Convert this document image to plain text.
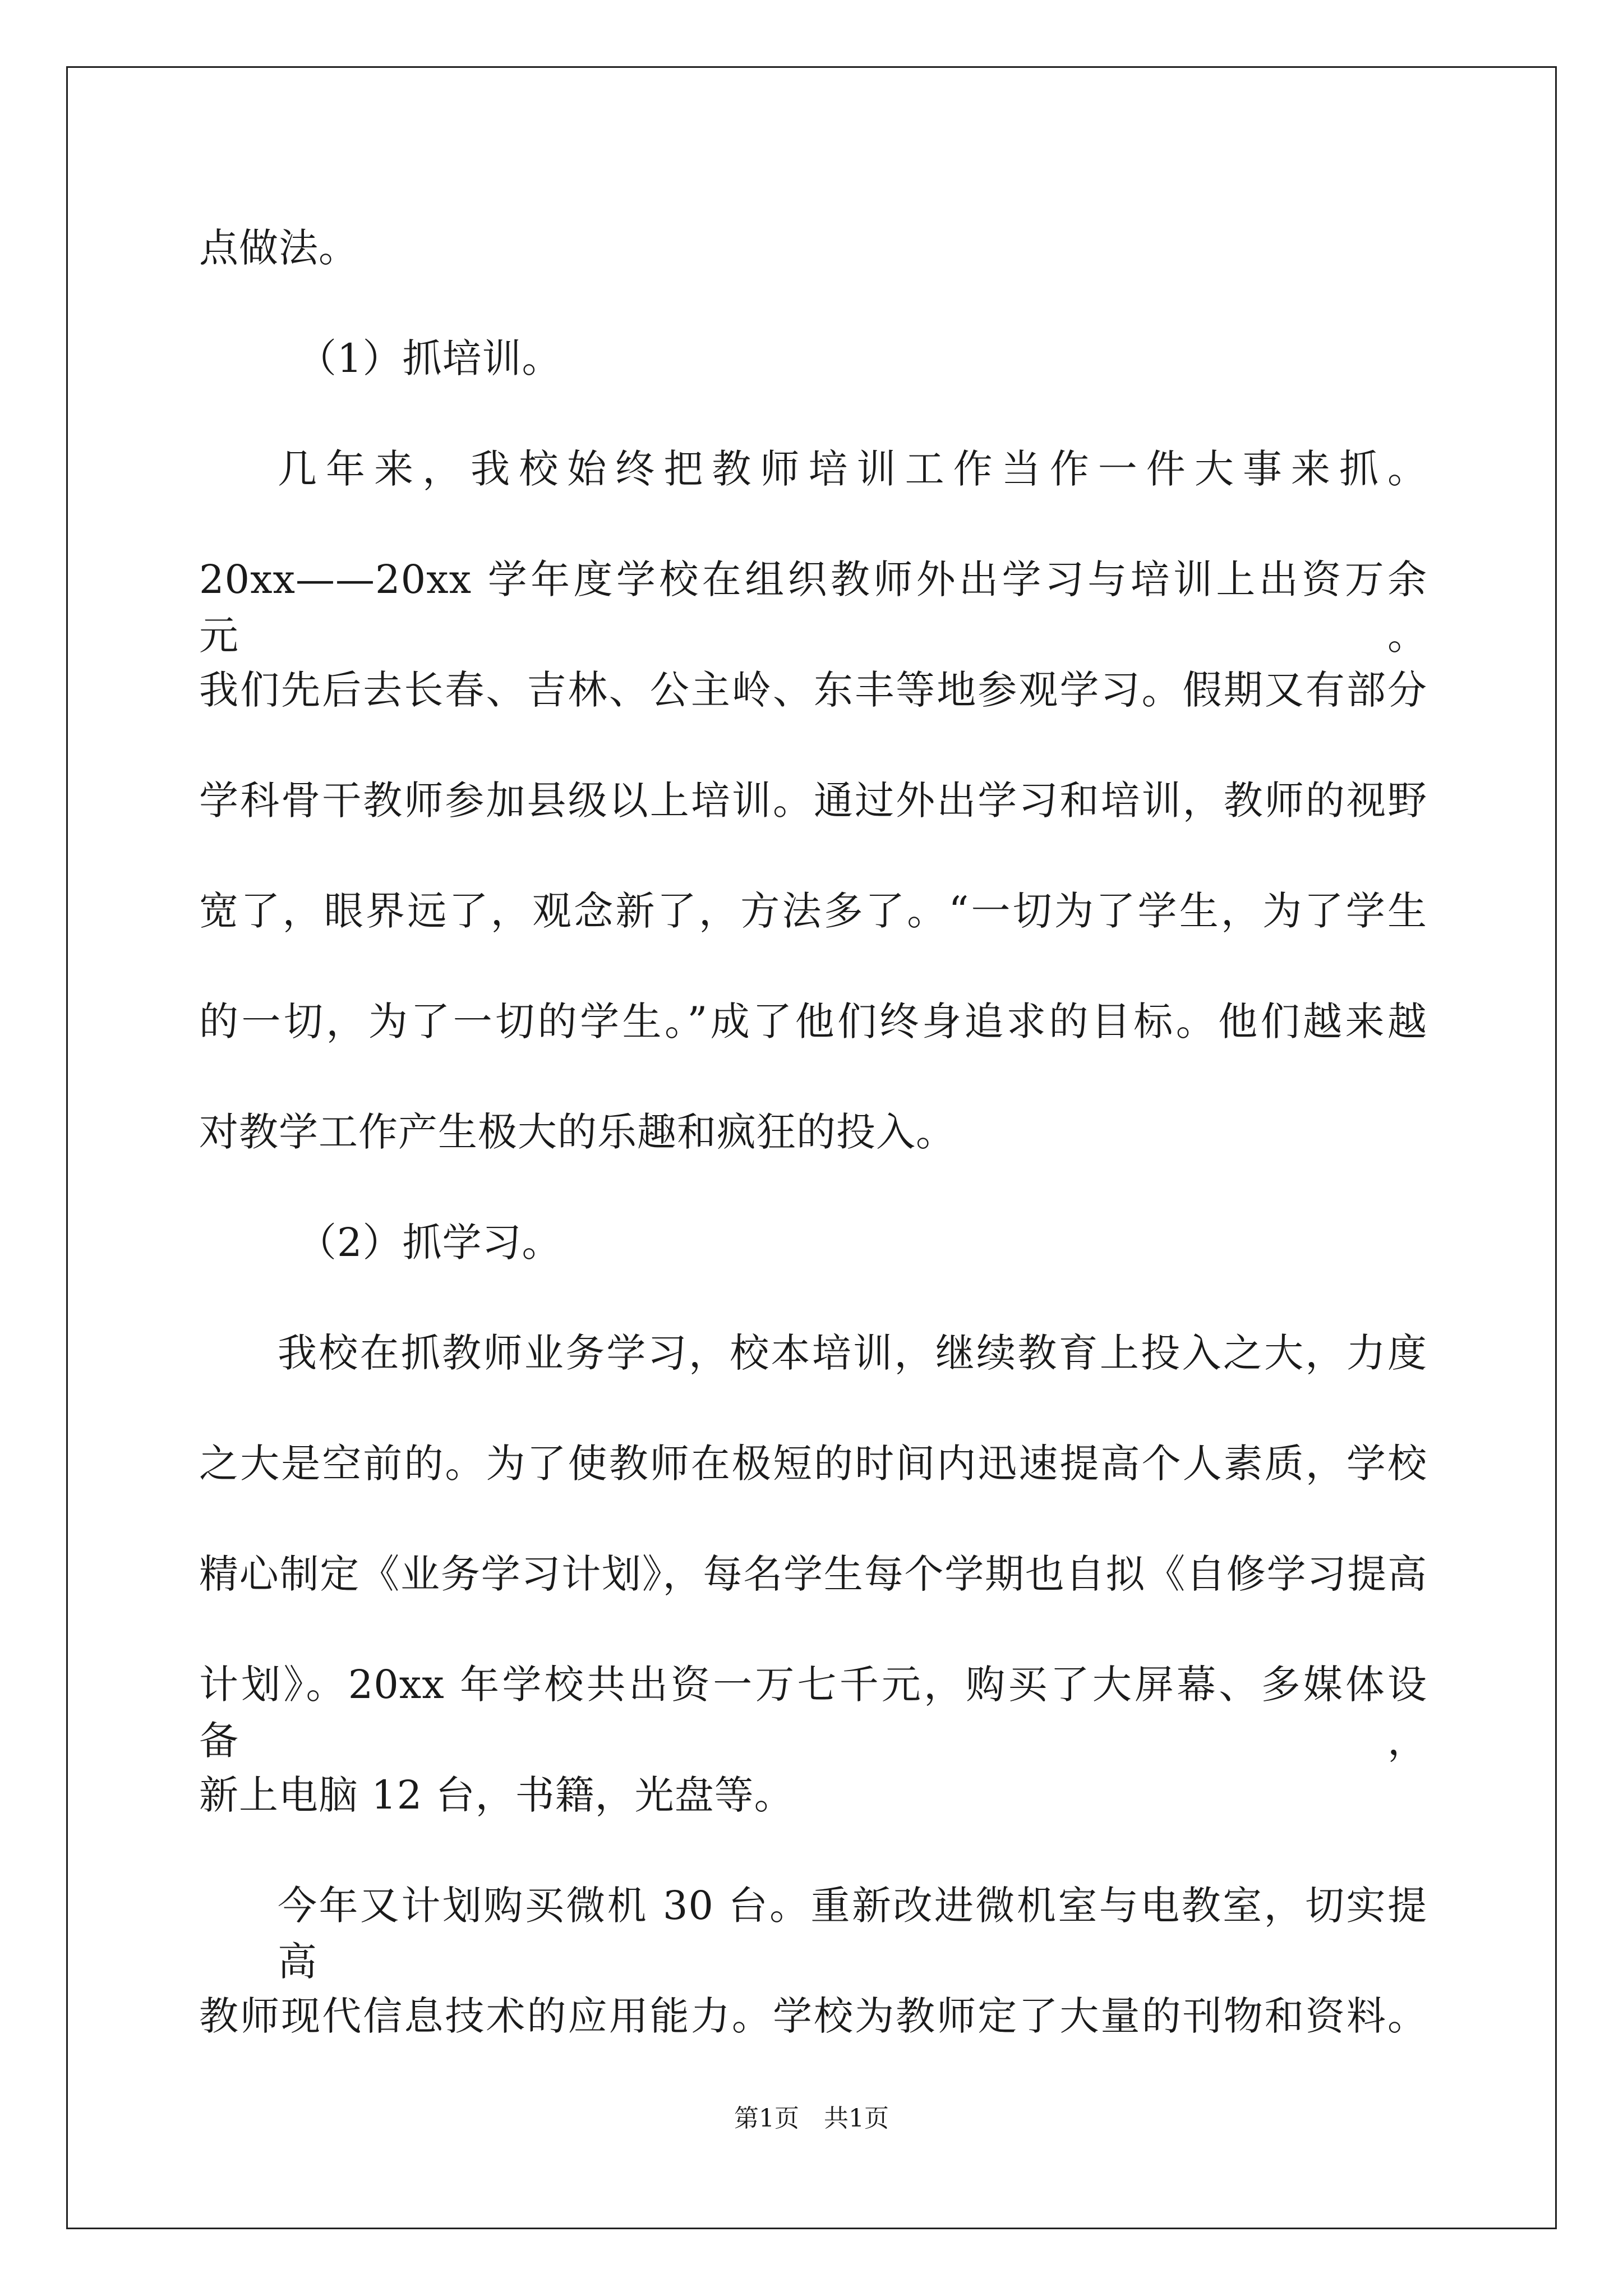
点做法。
（1）抓培训。
几年来，我校始终把教师培训工作当作一件大事来抓。
20xx——20xx 学年度学校在组织教师外出学习与培训上出资万余元。
我们先后去长春、吉林、公主岭、东丰等地参观学习。假期又有部分
学科骨干教师参加县级以上培训。通过外出学习和培训，教师的视野
宽了，眼界远了，观念新了，方法多了。“一切为了学生，为了学生
的一切，为了一切的学生。”成了他们终身追求的目标。他们越来越
对教学工作产生极大的乐趣和疯狂的投入。
（2）抓学习。
我校在抓教师业务学习，校本培训，继续教育上投入之大，力度
之大是空前的。为了使教师在极短的时间内迅速提高个人素质，学校
精心制定《业务学习计划》，每名学生每个学期也自拟《自修学习提高
计划》。20xx 年学校共出资一万七千元，购买了大屏幕、多媒体设备，
新上电脑 12 台，书籍，光盘等。
今年又计划购买微机 30 台。重新改进微机室与电教室，切实提高
教师现代信息技术的应用能力。学校为教师定了大量的刊物和资料。
第1页　共1页
